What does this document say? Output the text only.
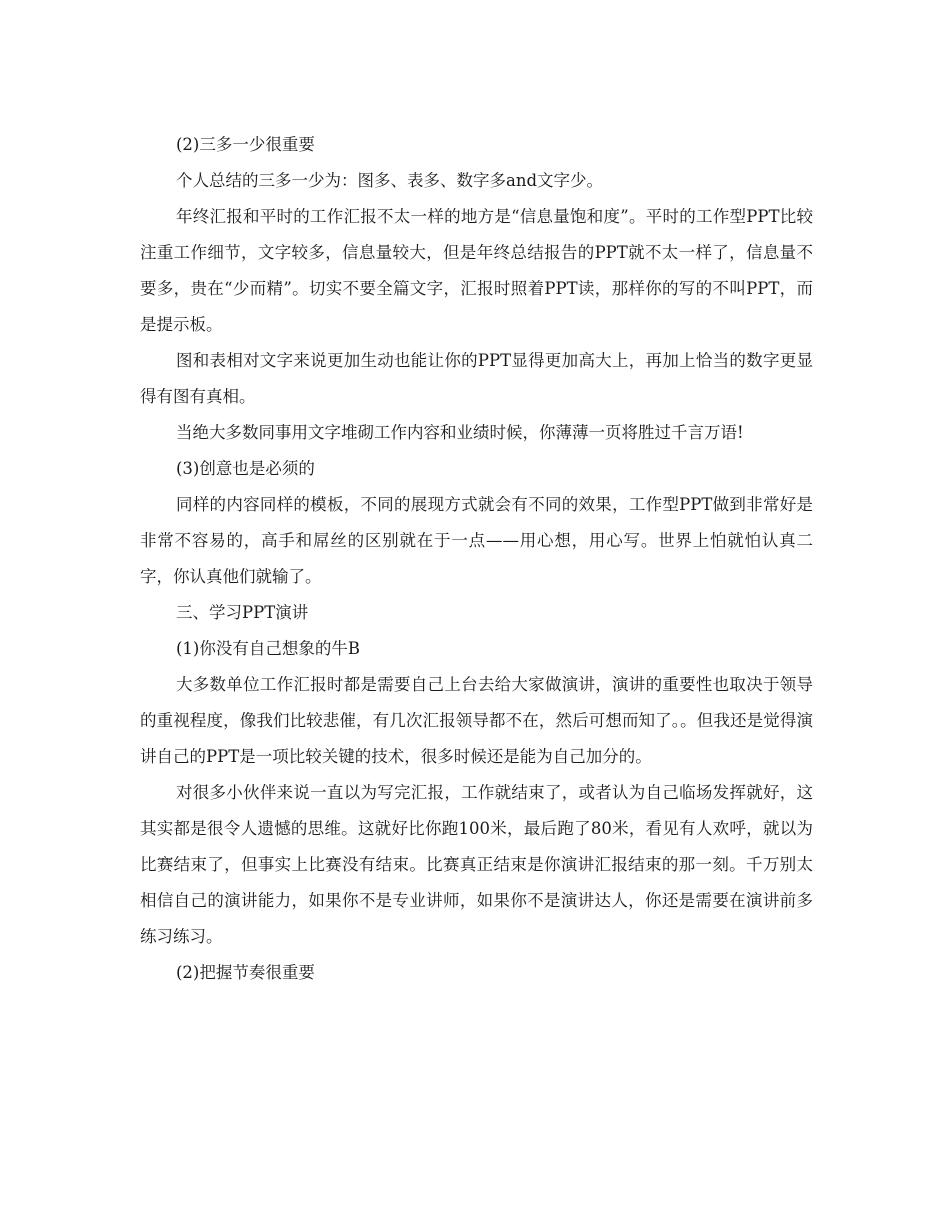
(2)三多一少很重要

个人总结的三多一少为：图多、表多、数字多and文字少。

年终汇报和平时的工作汇报不太一样的地方是“信息量饱和度”。平时的工作型PPT比较注重工作细节，文字较多，信息量较大，但是年终总结报告的PPT就不太一样了，信息量不要多，贵在“少而精”。切实不要全篇文字，汇报时照着PPT读，那样你的写的不叫PPT，而是提示板。

图和表相对文字来说更加生动也能让你的PPT显得更加高大上，再加上恰当的数字更显得有图有真相。

当绝大多数同事用文字堆砌工作内容和业绩时候，你薄薄一页将胜过千言万语!

(3)创意也是必须的

同样的内容同样的模板，不同的展现方式就会有不同的效果，工作型PPT做到非常好是非常不容易的，高手和屌丝的区别就在于一点——用心想，用心写。世界上怕就怕认真二字，你认真他们就输了。

三、学习PPT演讲

(1)你没有自己想象的牛B

大多数单位工作汇报时都是需要自己上台去给大家做演讲，演讲的重要性也取决于领导的重视程度，像我们比较悲催，有几次汇报领导都不在，然后可想而知了。。但我还是觉得演讲自己的PPT是一项比较关键的技术，很多时候还是能为自己加分的。

对很多小伙伴来说一直以为写完汇报，工作就结束了，或者认为自己临场发挥就好，这其实都是很令人遗憾的思维。这就好比你跑100米，最后跑了80米，看见有人欢呼，就以为比赛结束了，但事实上比赛没有结束。比赛真正结束是你演讲汇报结束的那一刻。千万别太相信自己的演讲能力，如果你不是专业讲师，如果你不是演讲达人，你还是需要在演讲前多练习练习。

(2)把握节奏很重要
